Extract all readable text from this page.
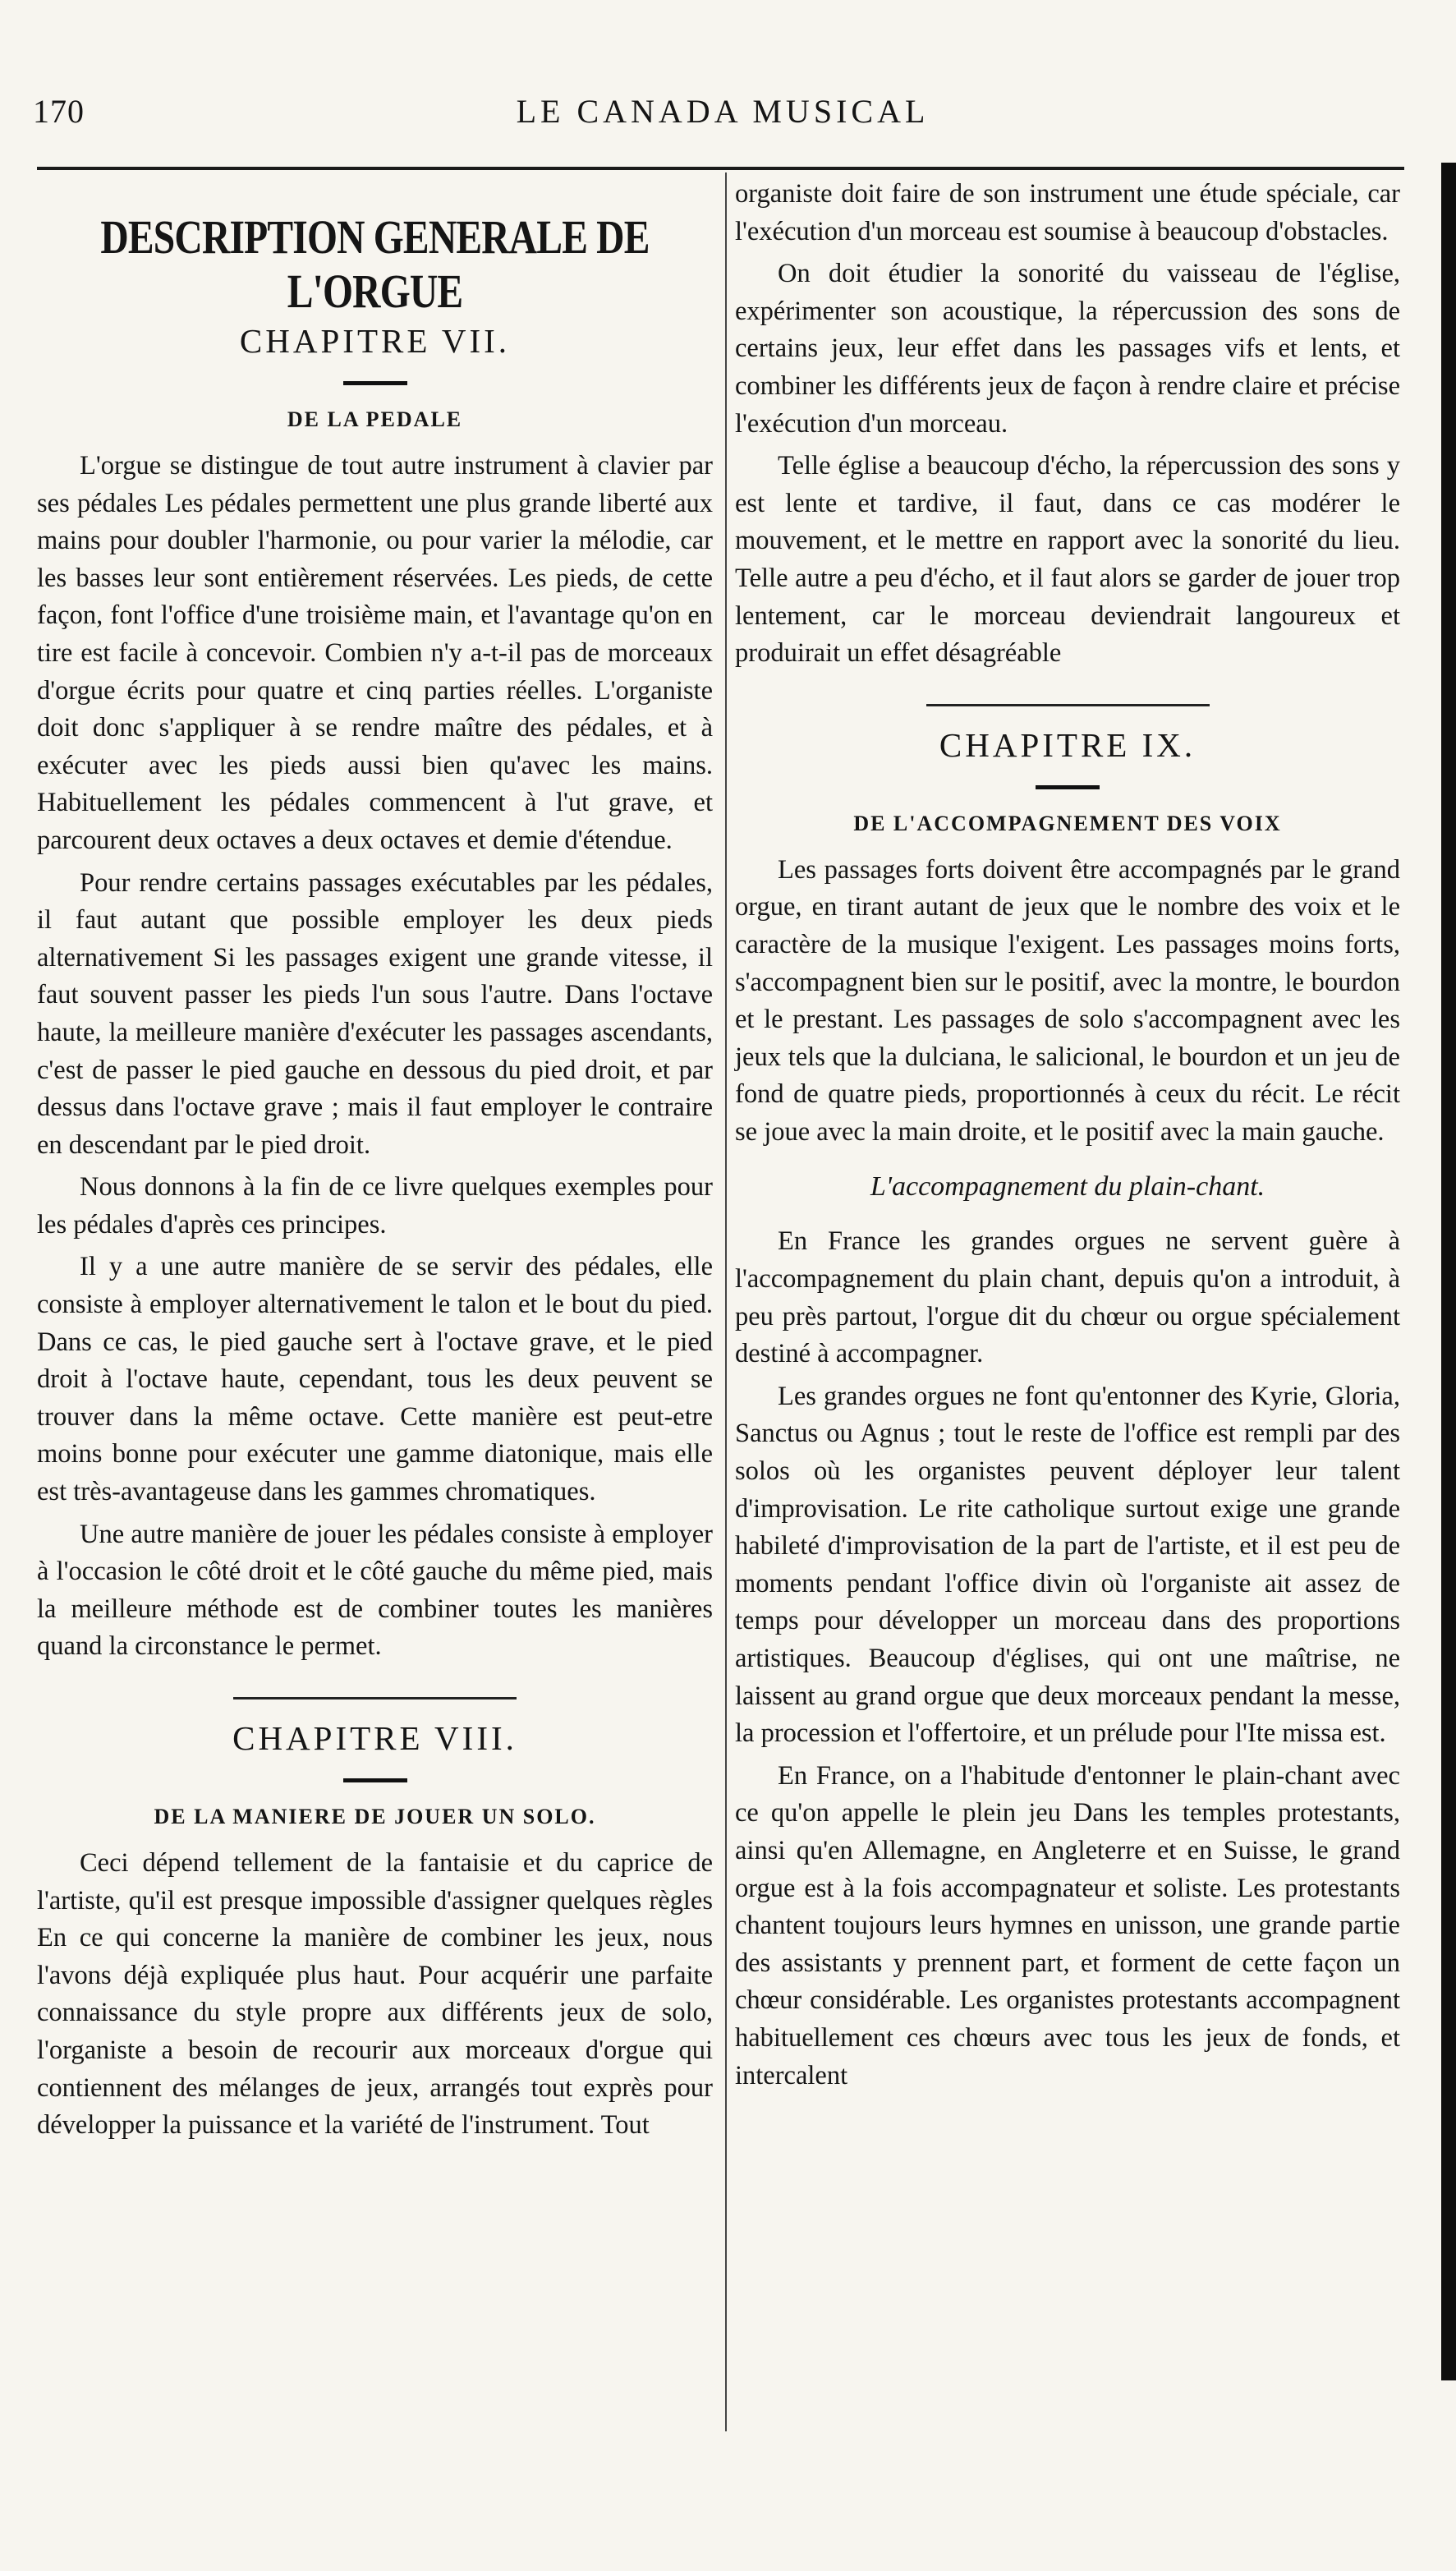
170	LE CANADA MUSICAL
DESCRIPTION GENERALE DE L'ORGUE
CHAPITRE VII.
DE LA PEDALE

L'orgue se distingue de tout autre instrument à clavier par ses pédales Les pédales permettent une plus grande liberté aux mains pour doubler l'harmonie, ou pour varier la mélodie, car les basses leur sont entièrement réservées. Les pieds, de cette façon, font l'office d'une troisième main, et l'avantage qu'on en tire est facile à concevoir. Combien n'y a-t-il pas de morceaux d'orgue écrits pour quatre et cinq parties réelles. L'organiste doit donc s'appliquer à se rendre maître des pédales, et à exécuter avec les pieds aussi bien qu'avec les mains. Habituellement les pédales commencent à l'ut grave, et parcourent deux octaves a deux octaves et demie d'étendue.

Pour rendre certains passages exécutables par les pédales, il faut autant que possible employer les deux pieds alternativement Si les passages exigent une grande vitesse, il faut souvent passer les pieds l'un sous l'autre. Dans l'octave haute, la meilleure manière d'exécuter les passages ascendants, c'est de passer le pied gauche en dessous du pied droit, et par dessus dans l'octave grave ; mais il faut employer le contraire en descendant par le pied droit.

Nous donnons à la fin de ce livre quelques exemples pour les pédales d'après ces principes.

Il y a une autre manière de se servir des pédales, elle consiste à employer alternativement le talon et le bout du pied. Dans ce cas, le pied gauche sert à l'octave grave, et le pied droit à l'octave haute, cependant, tous les deux peuvent se trouver dans la même octave. Cette manière est peut-etre moins bonne pour exécuter une gamme diatonique, mais elle est très-avantageuse dans les gammes chromatiques.

Une autre manière de jouer les pédales consiste à employer à l'occasion le côté droit et le côté gauche du même pied, mais la meilleure méthode est de combiner toutes les manières quand la circonstance le permet.

CHAPITRE VIII.
DE LA MANIERE DE JOUER UN SOLO.

Ceci dépend tellement de la fantaisie et du caprice de l'artiste, qu'il est presque impossible d'assigner quelques règles En ce qui concerne la manière de combiner les jeux, nous l'avons déjà expliquée plus haut. Pour acquérir une parfaite connaissance du style propre aux différents jeux de solo, l'organiste a besoin de recourir aux morceaux d'orgue qui contiennent des mélanges de jeux, arrangés tout exprès pour développer la puissance et la variété de l'instrument. Tout

organiste doit faire de son instrument une étude spéciale, car l'exécution d'un morceau est soumise à beaucoup d'obstacles.

On doit étudier la sonorité du vaisseau de l'église, expérimenter son acoustique, la répercussion des sons de certains jeux, leur effet dans les passages vifs et lents, et combiner les différents jeux de façon à rendre claire et précise l'exécution d'un morceau.

Telle église a beaucoup d'écho, la répercussion des sons y est lente et tardive, il faut, dans ce cas modérer le mouvement, et le mettre en rapport avec la sonorité du lieu. Telle autre a peu d'écho, et il faut alors se garder de jouer trop lentement, car le morceau deviendrait langoureux et produirait un effet désagréable

CHAPITRE IX.
DE L'ACCOMPAGNEMENT DES VOIX

Les passages forts doivent être accompagnés par le grand orgue, en tirant autant de jeux que le nombre des voix et le caractère de la musique l'exigent. Les passages moins forts, s'accompagnent bien sur le positif, avec la montre, le bourdon et le prestant. Les passages de solo s'accompagnent avec les jeux tels que la dulciana, le salicional, le bourdon et un jeu de fond de quatre pieds, proportionnés à ceux du récit. Le récit se joue avec la main droite, et le positif avec la main gauche.

L'accompagnement du plain-chant.

En France les grandes orgues ne servent guère à l'accompagnement du plain chant, depuis qu'on a introduit, à peu près partout, l'orgue dit du chœur ou orgue spécialement destiné à accompagner.

Les grandes orgues ne font qu'entonner des Kyrie, Gloria, Sanctus ou Agnus ; tout le reste de l'office est rempli par des solos où les organistes peuvent déployer leur talent d'improvisation. Le rite catholique surtout exige une grande habileté d'improvisation de la part de l'artiste, et il est peu de moments pendant l'office divin où l'organiste ait assez de temps pour développer un morceau dans des proportions artistiques. Beaucoup d'églises, qui ont une maîtrise, ne laissent au grand orgue que deux morceaux pendant la messe, la procession et l'offertoire, et un prélude pour l'Ite missa est.

En France, on a l'habitude d'entonner le plain-chant avec ce qu'on appelle le plein jeu Dans les temples protestants, ainsi qu'en Allemagne, en Angleterre et en Suisse, le grand orgue est à la fois accompagnateur et soliste. Les protestants chantent toujours leurs hymnes en unisson, une grande partie des assistants y prennent part, et forment de cette façon un chœur considérable. Les organistes protestants accompagnent habituellement ces chœurs avec tous les jeux de fonds, et intercalent
